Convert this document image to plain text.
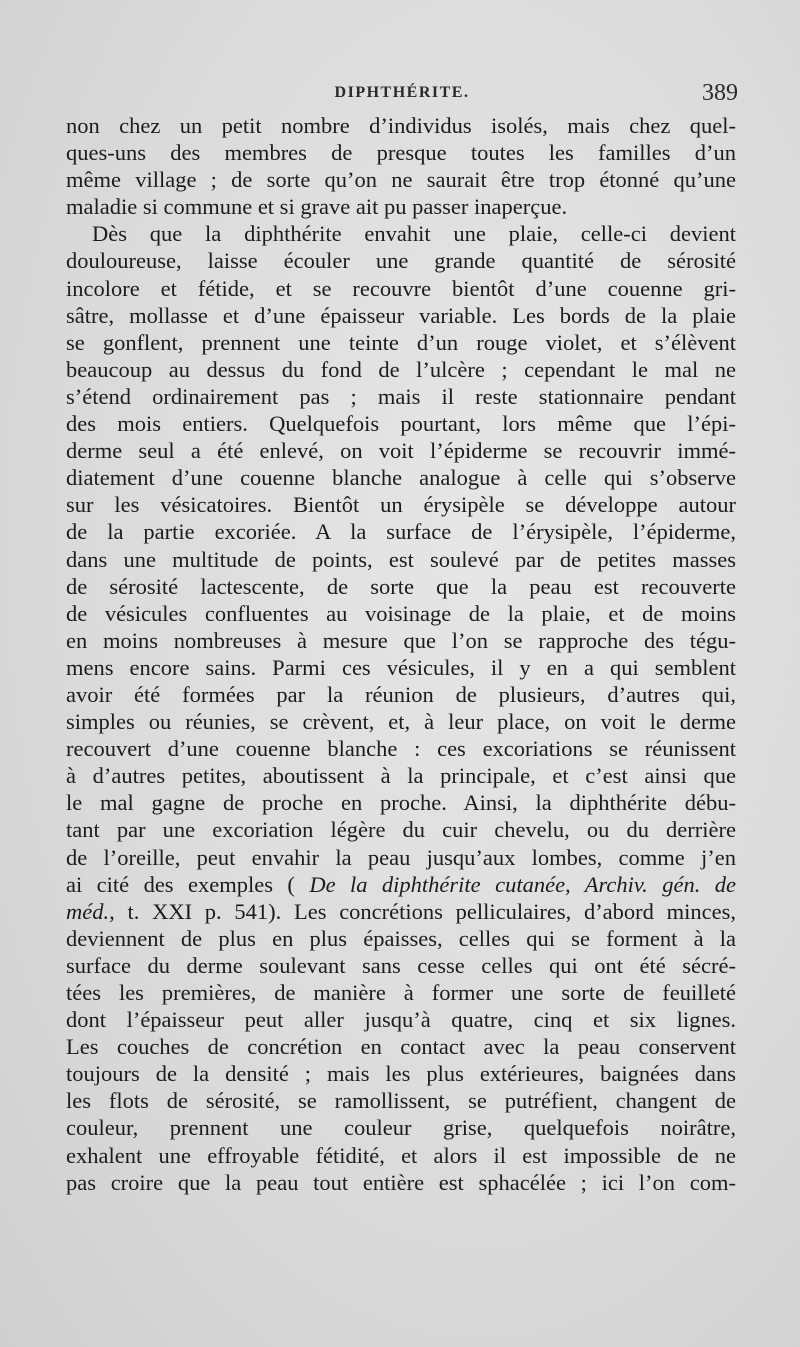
DIPHTHÉRITE.	389
non chez un petit nombre d’individus isolés, mais chez quel-
ques-uns des membres de presque toutes les familles d’un
même village ; de sorte qu’on ne saurait être trop étonné qu’une
maladie si commune et si grave ait pu passer inaperçue.
Dès que la diphthérite envahit une plaie, celle-ci devient
douloureuse, laisse écouler une grande quantité de sérosité
incolore et fétide, et se recouvre bientôt d’une couenne gri-
sâtre, mollasse et d’une épaisseur variable. Les bords de la plaie
se gonflent, prennent une teinte d’un rouge violet, et s’élèvent
beaucoup au dessus du fond de l’ulcère ; cependant le mal ne
s’étend ordinairement pas ; mais il reste stationnaire pendant
des mois entiers. Quelquefois pourtant, lors même que l’épi-
derme seul a été enlevé, on voit l’épiderme se recouvrir immé-
diatement d’une couenne blanche analogue à celle qui s’observe
sur les vésicatoires. Bientôt un érysipèle se développe autour
de la partie excoriée. A la surface de l’érysipèle, l’épiderme,
dans une multitude de points, est soulevé par de petites masses
de sérosité lactescente, de sorte que la peau est recouverte
de vésicules confluentes au voisinage de la plaie, et de moins
en moins nombreuses à mesure que l’on se rapproche des tégu-
mens encore sains. Parmi ces vésicules, il y en a qui semblent
avoir été formées par la réunion de plusieurs, d’autres qui,
simples ou réunies, se crèvent, et, à leur place, on voit le derme
recouvert d’une couenne blanche : ces excoriations se réunissent
à d’autres petites, aboutissent à la principale, et c’est ainsi que
le mal gagne de proche en proche. Ainsi, la diphthérite débu-
tant par une excoriation légère du cuir chevelu, ou du derrière
de l’oreille, peut envahir la peau jusqu’aux lombes, comme j’en
ai cité des exemples ( De la diphthérite cutanée, Archiv. gén. de
méd., t. XXI p. 541). Les concrétions pelliculaires, d’abord minces,
deviennent de plus en plus épaisses, celles qui se forment à la
surface du derme soulevant sans cesse celles qui ont été sécré-
tées les premières, de manière à former une sorte de feuilleté
dont l’épaisseur peut aller jusqu’à quatre, cinq et six lignes.
Les couches de concrétion en contact avec la peau conservent
toujours de la densité ; mais les plus extérieures, baignées dans
les flots de sérosité, se ramollissent, se putréfient, changent de
couleur, prennent une couleur grise, quelquefois noirâtre,
exhalent une effroyable fétidité, et alors il est impossible de ne
pas croire que la peau tout entière est sphacélée ; ici l’on com-
